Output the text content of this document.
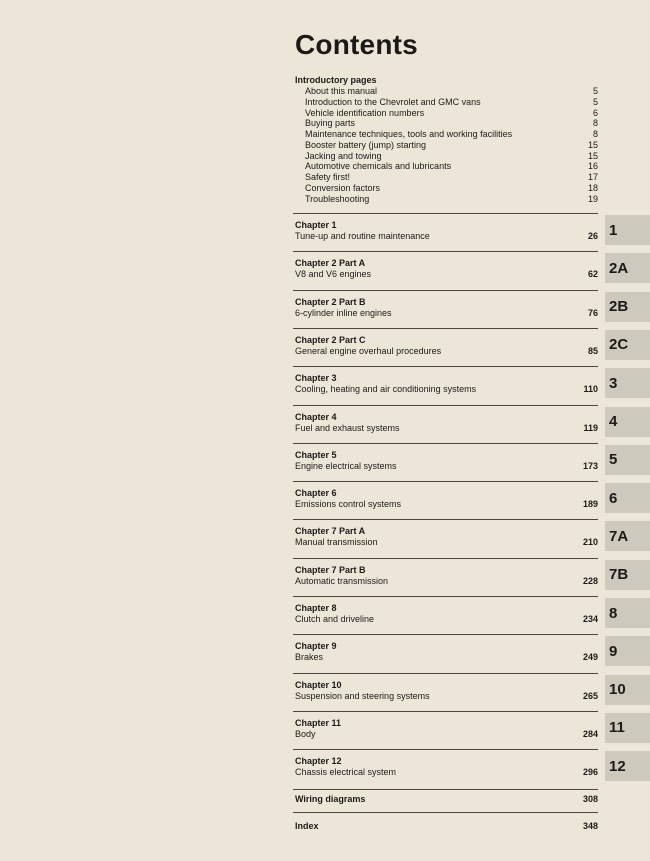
Contents
Introductory pages
About this manual	5
Introduction to the Chevrolet and GMC vans	5
Vehicle identification numbers	6
Buying parts	8
Maintenance techniques, tools and working facilities	8
Booster battery (jump) starting	15
Jacking and towing	15
Automotive chemicals and lubricants	16
Safety first!	17
Conversion factors	18
Troubleshooting	19
Chapter 1
Tune-up and routine maintenance	26 1
Chapter 2 Part A
V8 and V6 engines	62 2A
Chapter 2 Part B
6-cylinder inline engines	76 2B
Chapter 2 Part C
General engine overhaul procedures	85 2C
Chapter 3
Cooling, heating and air conditioning systems	110 3
Chapter 4
Fuel and exhaust systems	119 4
Chapter 5
Engine electrical systems	173 5
Chapter 6
Emissions control systems	189 6
Chapter 7 Part A
Manual transmission	210 7A
Chapter 7 Part B
Automatic transmission	228 7B
Chapter 8
Clutch and driveline	234 8
Chapter 9
Brakes	249 9
Chapter 10
Suspension and steering systems	265 10
Chapter 11
Body	284 11
Chapter 12
Chassis electrical system	296 12
Wiring diagrams	308
Index	348
